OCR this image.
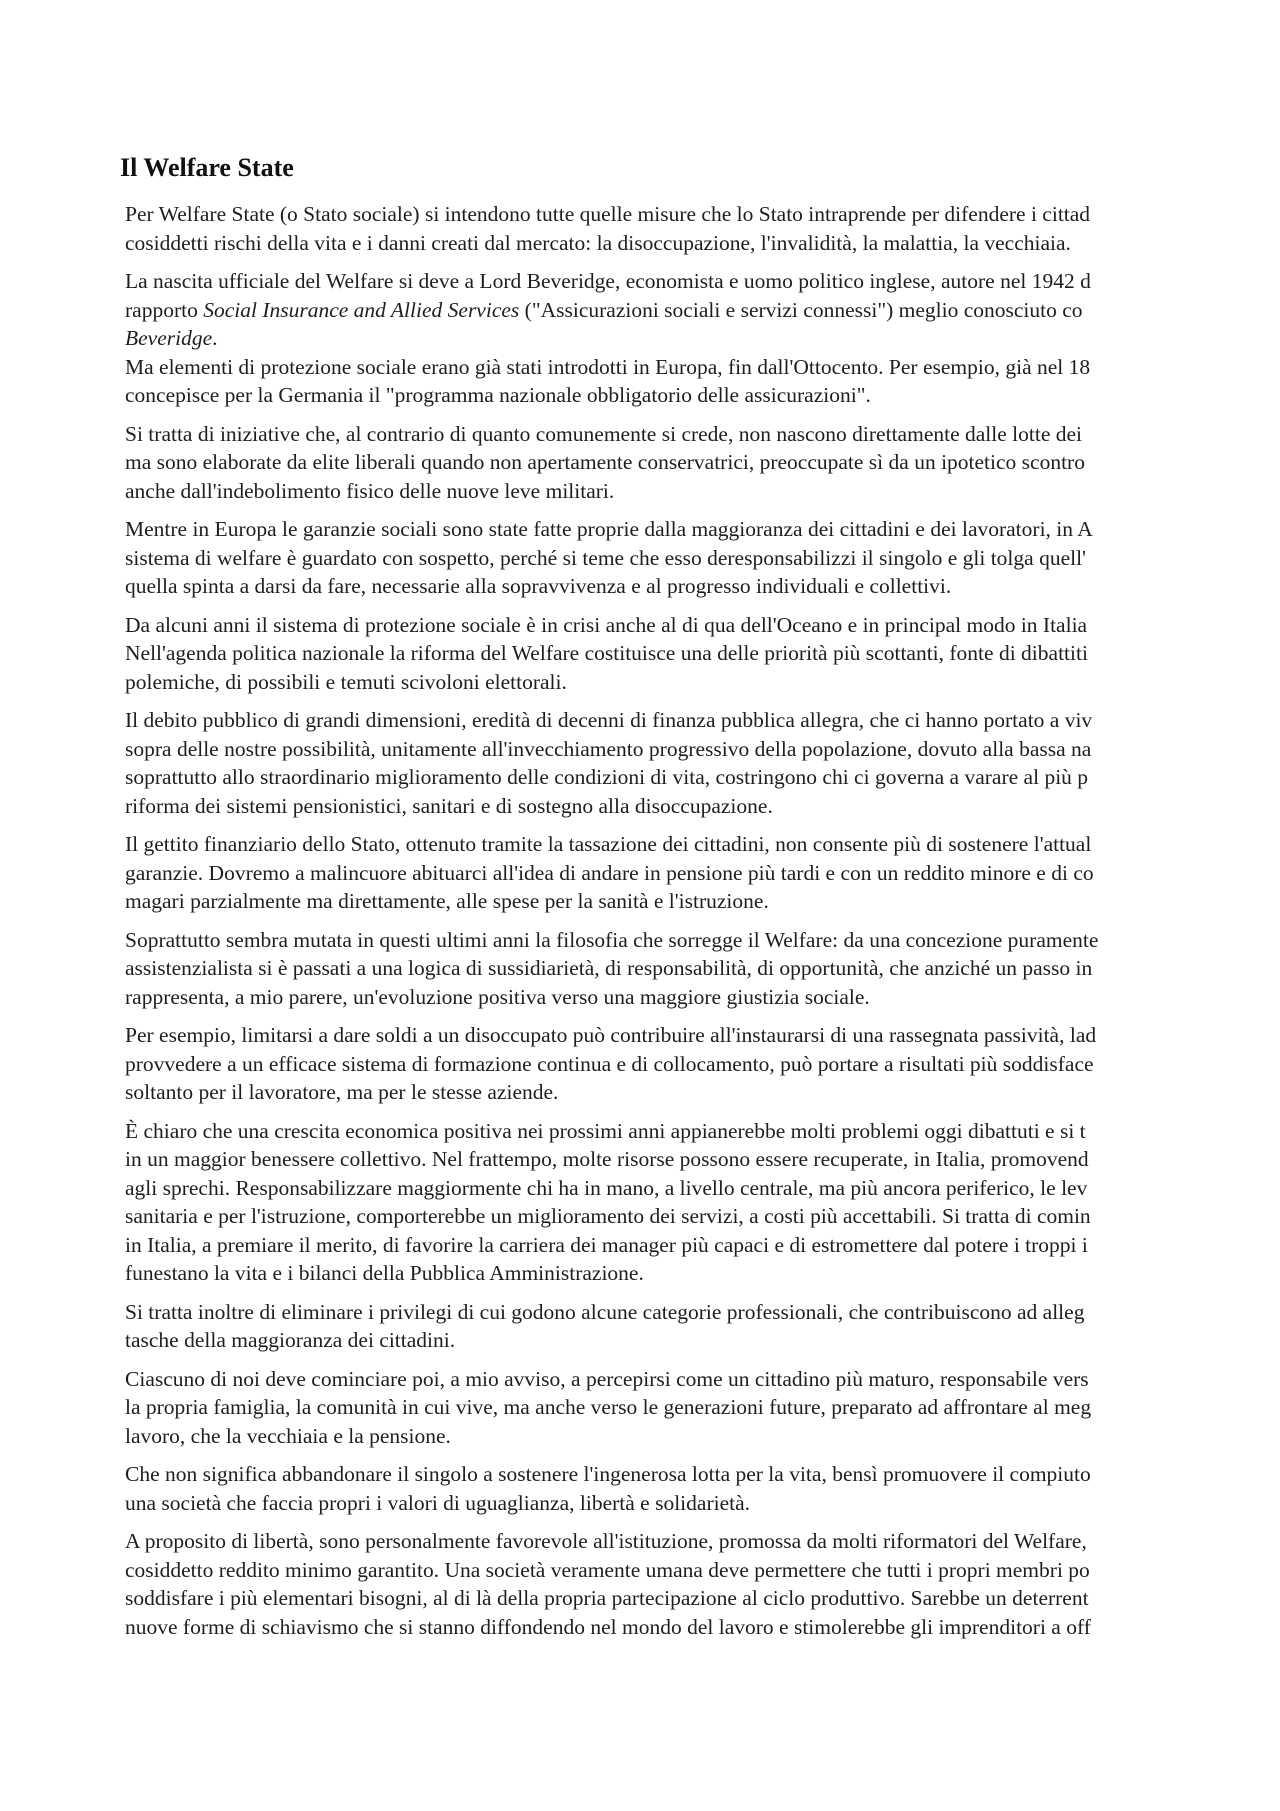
Il Welfare State

Per Welfare State (o Stato sociale) si intendono tutte quelle misure che lo Stato intraprende per difendere i cittad
cosiddetti rischi della vita e i danni creati dal mercato: la disoccupazione, l'invalidità, la malattia, la vecchiaia.

La nascita ufficiale del Welfare si deve a Lord Beveridge, economista e uomo politico inglese, autore nel 1942 d
rapporto Social Insurance and Allied Services ("Assicurazioni sociali e servizi connessi") meglio conosciuto co
Beveridge.
Ma elementi di protezione sociale erano già stati introdotti in Europa, fin dall'Ottocento. Per esempio, già nel 18
concepisce per la Germania il "programma nazionale obbligatorio delle assicurazioni".

Si tratta di iniziative che, al contrario di quanto comunemente si crede, non nascono direttamente dalle lotte dei
ma sono elaborate da elite liberali quando non apertamente conservatrici, preoccupate sì da un ipotetico scontro
anche dall'indebolimento fisico delle nuove leve militari.

Mentre in Europa le garanzie sociali sono state fatte proprie dalla maggioranza dei cittadini e dei lavoratori, in A
sistema di welfare è guardato con sospetto, perché si teme che esso deresponsabilizzi il singolo e gli tolga quell'
quella spinta a darsi da fare, necessarie alla sopravvivenza e al progresso individuali e collettivi.

Da alcuni anni il sistema di protezione sociale è in crisi anche al di qua dell'Oceano e in principal modo in Italia
Nell'agenda politica nazionale la riforma del Welfare costituisce una delle priorità più scottanti, fonte di dibattiti
polemiche, di possibili e temuti scivoloni elettorali.

Il debito pubblico di grandi dimensioni, eredità di decenni di finanza pubblica allegra, che ci hanno portato a viv
sopra delle nostre possibilità, unitamente all'invecchiamento progressivo della popolazione, dovuto alla bassa na
soprattutto allo straordinario miglioramento delle condizioni di vita, costringono chi ci governa a varare al più p
riforma dei sistemi pensionistici, sanitari e di sostegno alla disoccupazione.

Il gettito finanziario dello Stato, ottenuto tramite la tassazione dei cittadini, non consente più di sostenere l'attual
garanzie. Dovremo a malincuore abituarci all'idea di andare in pensione più tardi e con un reddito minore e di co
magari parzialmente ma direttamente, alle spese per la sanità e l'istruzione.

Soprattutto sembra mutata in questi ultimi anni la filosofia che sorregge il Welfare: da una concezione puramente
assistenzialista si è passati a una logica di sussidiarietà, di responsabilità, di opportunità, che anziché un passo in
rappresenta, a mio parere, un'evoluzione positiva verso una maggiore giustizia sociale.

Per esempio, limitarsi a dare soldi a un disoccupato può contribuire all'instaurarsi di una rassegnata passività, lad
provvedere a un efficace sistema di formazione continua e di collocamento, può portare a risultati più soddisface
soltanto per il lavoratore, ma per le stesse aziende.

È chiaro che una crescita economica positiva nei prossimi anni appianerebbe molti problemi oggi dibattuti e si t
in un maggior benessere collettivo. Nel frattempo, molte risorse possono essere recuperate, in Italia, promovend
agli sprechi. Responsabilizzare maggiormente chi ha in mano, a livello centrale, ma più ancora periferico, le lev
sanitaria e per l'istruzione, comporterebbe un miglioramento dei servizi, a costi più accettabili. Si tratta di comin
in Italia, a premiare il merito, di favorire la carriera dei manager più capaci e di estromettere dal potere i troppi i
funestano la vita e i bilanci della Pubblica Amministrazione.

Si tratta inoltre di eliminare i privilegi di cui godono alcune categorie professionali, che contribuiscono ad alleg
tasche della maggioranza dei cittadini.

Ciascuno di noi deve cominciare poi, a mio avviso, a percepirsi come un cittadino più maturo, responsabile vers
la propria famiglia, la comunità in cui vive, ma anche verso le generazioni future, preparato ad affrontare al meg
lavoro, che la vecchiaia e la pensione.

Che non significa abbandonare il singolo a sostenere l'ingenerosa lotta per la vita, bensì promuovere il compiuto
una società che faccia propri i valori di uguaglianza, libertà e solidarietà.

A proposito di libertà, sono personalmente favorevole all'istituzione, promossa da molti riformatori del Welfare,
cosiddetto reddito minimo garantito. Una società veramente umana deve permettere che tutti i propri membri po
soddisfare i più elementari bisogni, al di là della propria partecipazione al ciclo produttivo. Sarebbe un deterrent
nuove forme di schiavismo che si stanno diffondendo nel mondo del lavoro e stimolerebbe gli imprenditori a off
